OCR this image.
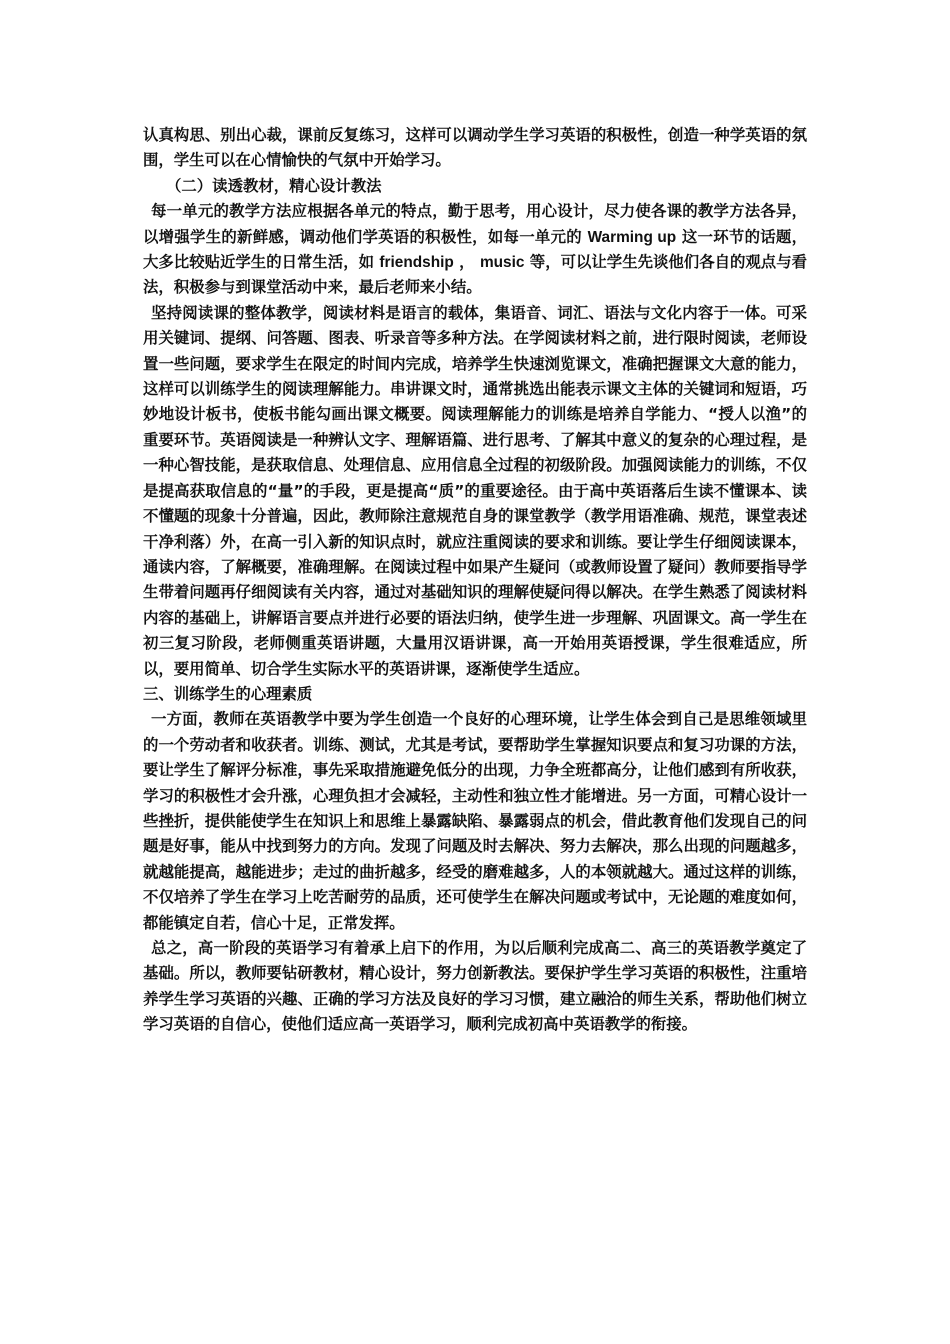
认真构思、别出心裁，课前反复练习，这样可以调动学生学习英语的积极性，创造一种学英语的氛围，学生可以在心情愉快的气氛中开始学习。

（二）读透教材，精心设计教法

每一单元的教学方法应根据各单元的特点，勤于思考，用心设计，尽力使各课的教学方法各异，以增强学生的新鲜感，调动他们学英语的积极性，如每一单元的 Warming up 这一环节的话题，大多比较贴近学生的日常生活，如 friendship ， music 等，可以让学生先谈他们各自的观点与看法，积极参与到课堂活动中来，最后老师来小结。

坚持阅读课的整体教学，阅读材料是语言的载体，集语音、词汇、语法与文化内容于一体。可采用关键词、提纲、问答题、图表、听录音等多种方法。在学阅读材料之前，进行限时阅读，老师设置一些问题，要求学生在限定的时间内完成，培养学生快速浏览课文，准确把握课文大意的能力，这样可以训练学生的阅读理解能力。串讲课文时，通常挑选出能表示课文主体的关键词和短语，巧妙地设计板书，使板书能勾画出课文概要。阅读理解能力的训练是培养自学能力、“授人以渔”的重要环节。英语阅读是一种辨认文字、理解语篇、进行思考、了解其中意义的复杂的心理过程，是一种心智技能，是获取信息、处理信息、应用信息全过程的初级阶段。加强阅读能力的训练，不仅是提高获取信息的“量”的手段，更是提高“质”的重要途径。由于高中英语落后生读不懂课本、读不懂题的现象十分普遍，因此，教师除注意规范自身的课堂教学（教学用语准确、规范，课堂表述干净利落）外，在高一引入新的知识点时，就应注重阅读的要求和训练。要让学生仔细阅读课本，通读内容，了解概要，准确理解。在阅读过程中如果产生疑问（或教师设置了疑问）教师要指导学生带着问题再仔细阅读有关内容，通过对基础知识的理解使疑问得以解决。在学生熟悉了阅读材料内容的基础上，讲解语言要点并进行必要的语法归纳，使学生进一步理解、巩固课文。高一学生在初三复习阶段，老师侧重英语讲题，大量用汉语讲课，高一开始用英语授课，学生很难适应，所以，要用简单、切合学生实际水平的英语讲课，逐渐使学生适应。

三、训练学生的心理素质

一方面，教师在英语教学中要为学生创造一个良好的心理环境，让学生体会到自己是思维领域里的一个劳动者和收获者。训练、测试，尤其是考试，要帮助学生掌握知识要点和复习功课的方法，要让学生了解评分标准，事先采取措施避免低分的出现，力争全班都高分，让他们感到有所收获，学习的积极性才会升涨，心理负担才会减轻，主动性和独立性才能增进。另一方面，可精心设计一些挫折，提供能使学生在知识上和思维上暴露缺陷、暴露弱点的机会，借此教育他们发现自己的问题是好事，能从中找到努力的方向。发现了问题及时去解决、努力去解决，那么出现的问题越多，就越能提高，越能进步；走过的曲折越多，经受的磨难越多，人的本领就越大。通过这样的训练，不仅培养了学生在学习上吃苦耐劳的品质，还可使学生在解决问题或考试中，无论题的难度如何，都能镇定自若，信心十足，正常发挥。

总之，高一阶段的英语学习有着承上启下的作用，为以后顺利完成高二、高三的英语教学奠定了基础。所以，教师要钻研教材，精心设计，努力创新教法。要保护学生学习英语的积极性，注重培养学生学习英语的兴趣、正确的学习方法及良好的学习习惯，建立融洽的师生关系，帮助他们树立学习英语的自信心，使他们适应高一英语学习，顺利完成初高中英语教学的衔接。
